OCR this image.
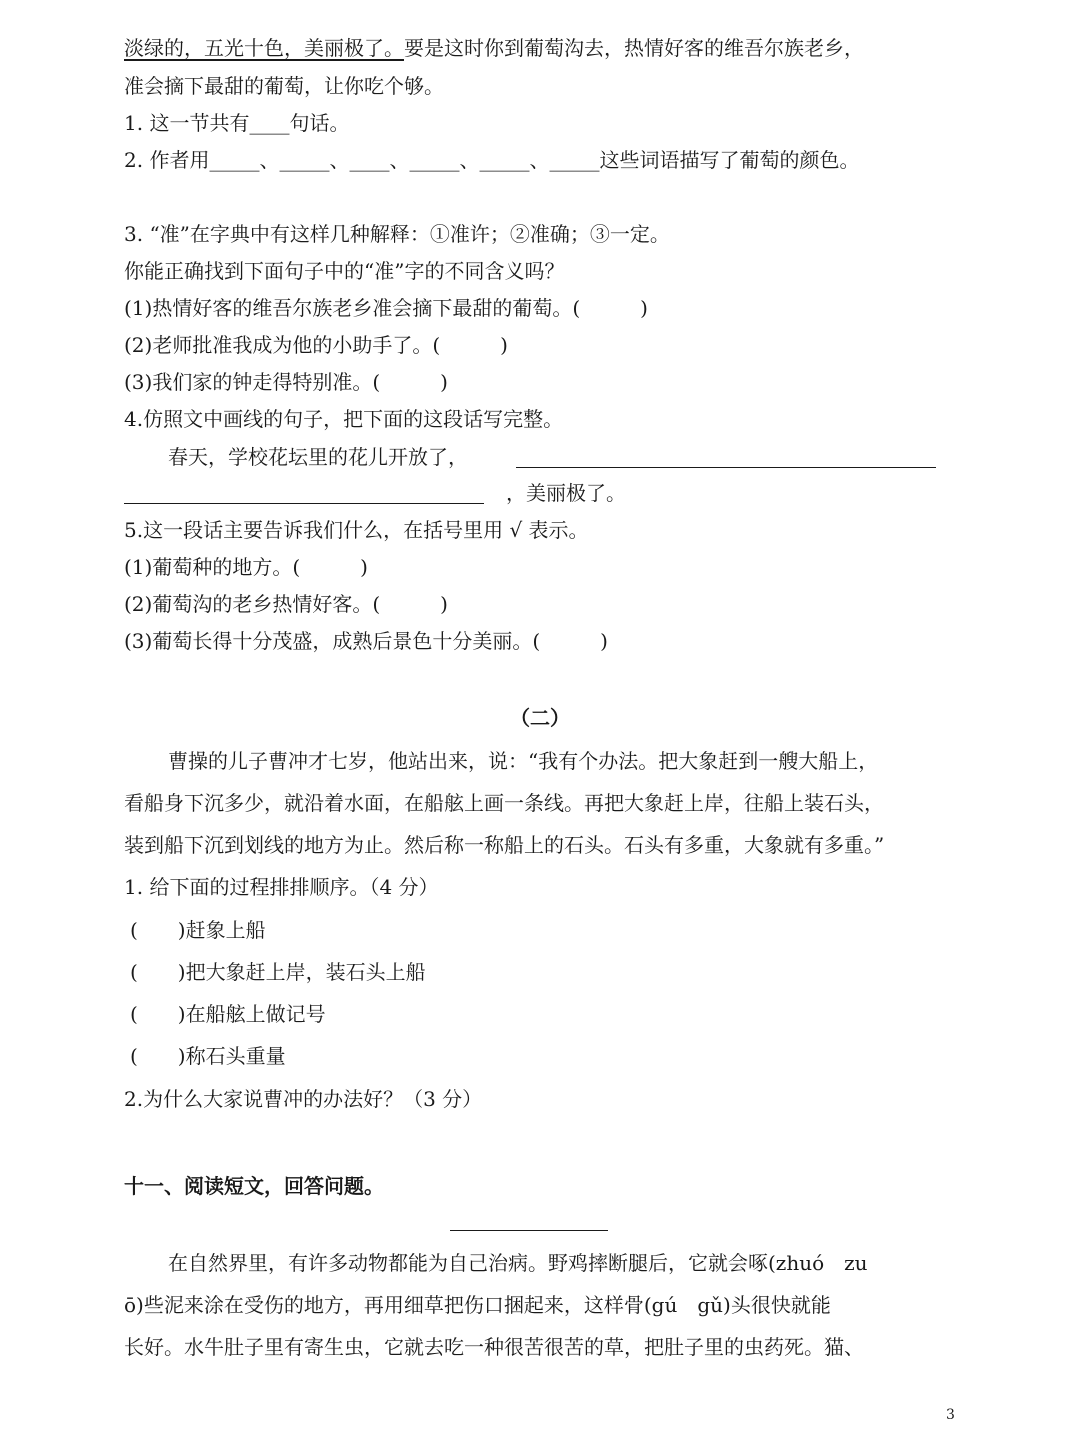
淡绿的，五光十色，美丽极了。要是这时你到葡萄沟去，热情好客的维吾尔族老乡，
准会摘下最甜的葡萄，让你吃个够。
1. 这一节共有____句话。
2. 作者用_____、_____、____、_____、_____、_____这些词语描写了葡萄的颜色。
3. “准”在字典中有这样几种解释：①准许；②准确；③一定。
你能正确找到下面句子中的“准”字的不同含义吗？
(1)热情好客的维吾尔族老乡准会摘下最甜的葡萄。(　　　)
(2)老师批准我成为他的小助手了。(　　　)
(3)我们家的钟走得特别准。(　　　)
4.仿照文中画线的句子，把下面的这段话写完整。
春天，学校花坛里的花儿开放了，
，美丽极了。
5.这一段话主要告诉我们什么，在括号里用 √ 表示。
(1)葡萄种的地方。(　　　)
(2)葡萄沟的老乡热情好客。(　　　)
(3)葡萄长得十分茂盛，成熟后景色十分美丽。(　　　)
（二）
曹操的儿子曹冲才七岁，他站出来，说：“我有个办法。把大象赶到一艘大船上，
看船身下沉多少，就沿着水面，在船舷上画一条线。再把大象赶上岸，往船上装石头，
装到船下沉到划线的地方为止。然后称一称船上的石头。石头有多重，大象就有多重。”
1. 给下面的过程排排顺序。（4 分）
(　　)赶象上船
(　　)把大象赶上岸，装石头上船
(　　)在船舷上做记号
(　　)称石头重量
2.为什么大家说曹冲的办法好？（3 分）
十一、阅读短文，回答问题。
在自然界里，有许多动物都能为自己治病。野鸡摔断腿后，它就会啄(zhuó　zu
ō)些泥来涂在受伤的地方，再用细草把伤口捆起来，这样骨(gú　gǔ)头很快就能
长好。水牛肚子里有寄生虫，它就去吃一种很苦很苦的草，把肚子里的虫药死。猫、
3
